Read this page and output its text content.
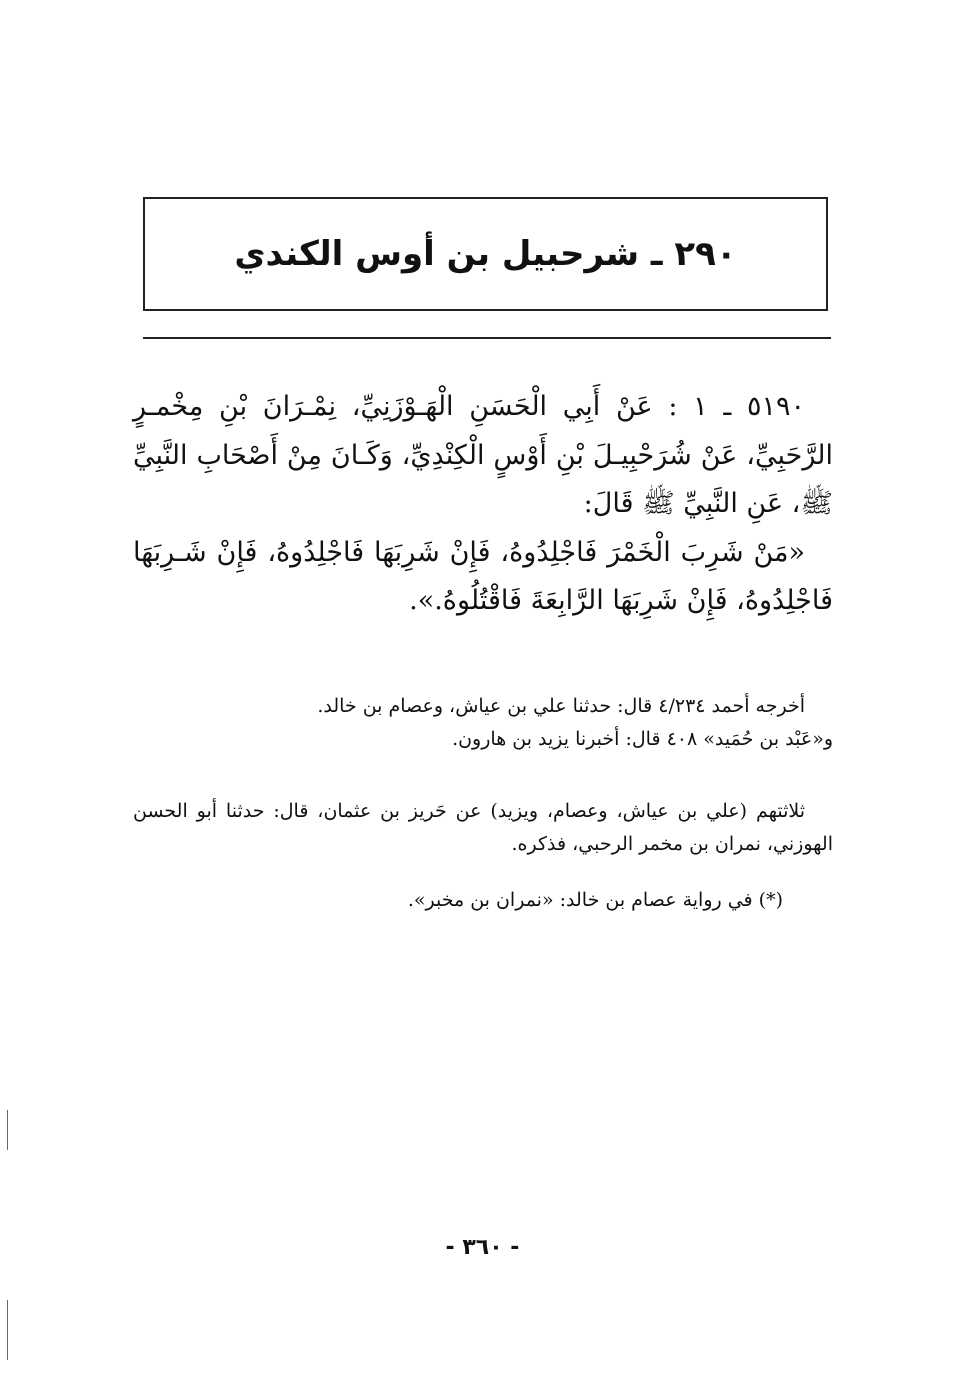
٢٩٠ ـ شرحبيل بن أوس الكندي

٥١٩٠ ـ ١ : عَنْ أَبِي الْحَسَنِ الْهَـوْزَنِيِّ، نِمْـرَانَ بْنِ مِخْمـرٍ الرَّحَبِيِّ، عَنْ شُرَحْبِيـلَ بْنِ أَوْسٍ الْكِنْدِيِّ، وَكَـانَ مِنْ أَصْحَابِ النَّبِيِّ ﷺ، عَنِ النَّبِيِّ ﷺ قَالَ:

«مَنْ شَرِبَ الْخَمْرَ فَاجْلِدُوهُ، فَإِنْ شَرِبَهَا فَاجْلِدُوهُ، فَإِنْ شَـرِبَهَا فَاجْلِدُوهُ، فَإِنْ شَرِبَهَا الرَّابِعَةَ فَاقْتُلُوهُ.».

أخرجه أحمد ٤/٢٣٤ قال: حدثنا علي بن عياش، وعصام بن خالد.

و«عَبْد بن حُمَيد» ٤٠٨ قال: أخبرنا يزيد بن هارون.

ثلاثتهم (علي بن عياش، وعصام، ويزيد) عن حَريز بن عثمان، قال: حدثنا أبو الحسن الهوزني، نمران بن مخمر الرحبي، فذكره.

(*) في رواية عصام بن خالد: «نمران بن مخبر».

- ٣٦٠ -
